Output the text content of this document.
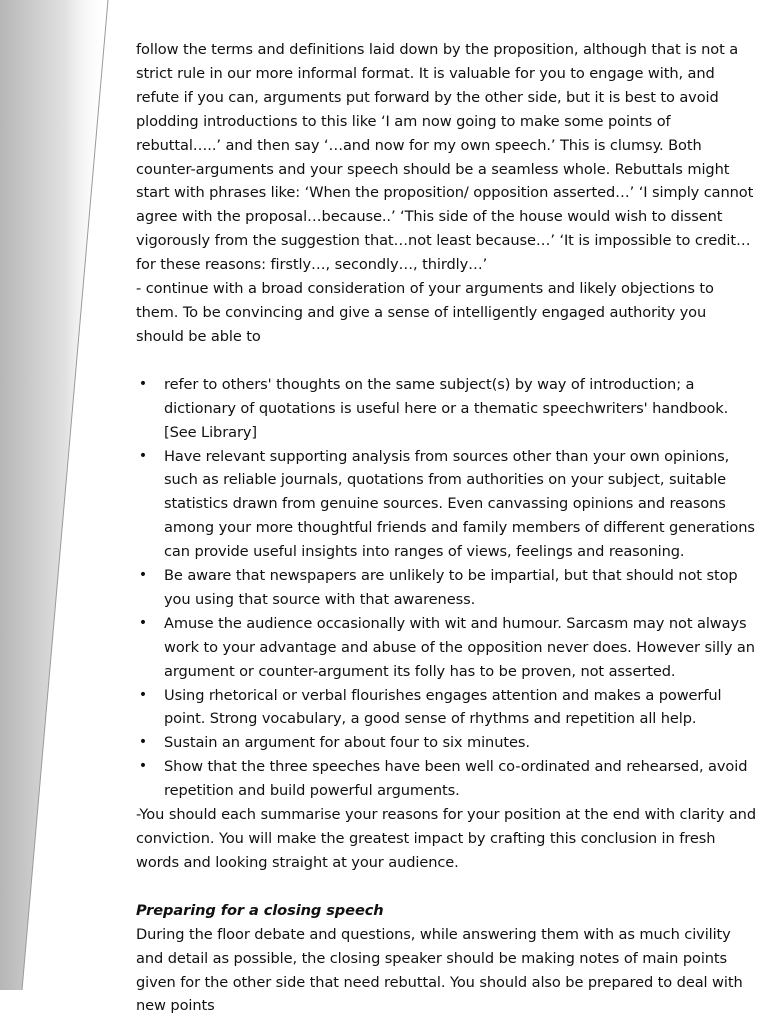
follow the terms and definitions laid down by the proposition, although that is not a strict rule in our more informal format. It is valuable for you to engage with, and refute if you can, arguments put forward by the other side, but it is best to avoid plodding introductions to this like ‘I am now going to make some points of rebuttal…..’ and then say ‘…and now for my own speech.’ This is clumsy. Both counter-arguments and your speech should be a seamless whole. Rebuttals might start with phrases like: ‘When the proposition/ opposition asserted…’ ‘I simply cannot agree with the proposal…because..’ ‘This side of the house would wish to dissent vigorously from the suggestion that…not least because…’ ‘It is impossible to credit…for these reasons: firstly…, secondly…, thirdly…’

- continue with a broad consideration of your arguments and likely objections to them. To be convincing and give a sense of intelligently engaged authority you should be able to

• refer to others' thoughts on the same subject(s) by way of introduction; a dictionary of quotations is useful here or a thematic speechwriters' handbook. [See Library]
• Have relevant supporting analysis from sources other than your own opinions, such as reliable journals, quotations from authorities on your subject, suitable statistics drawn from genuine sources. Even canvassing opinions and reasons among your more thoughtful friends and family members of different generations can provide useful insights into ranges of views, feelings and reasoning.
• Be aware that newspapers are unlikely to be impartial, but that should not stop you using that source with that awareness.
• Amuse the audience occasionally with wit and humour. Sarcasm may not always work to your advantage and abuse of the opposition never does. However silly an argument or counter-argument its folly has to be proven, not asserted.
• Using rhetorical or verbal flourishes engages attention and makes a powerful point. Strong vocabulary, a good sense of rhythms and repetition all help.
• Sustain an argument for about four to six minutes.
• Show that the three speeches have been well co-ordinated and rehearsed, avoid repetition and build powerful arguments.

-You should each summarise your reasons for your position at the end with clarity and conviction. You will make the greatest impact by crafting this conclusion in fresh words and looking straight at your audience.

Preparing for a closing speech

During the floor debate and questions, while answering them with as much civility and detail as possible, the closing speaker should be making notes of main points given for the other side that need rebuttal. You should also be prepared to deal with new points
